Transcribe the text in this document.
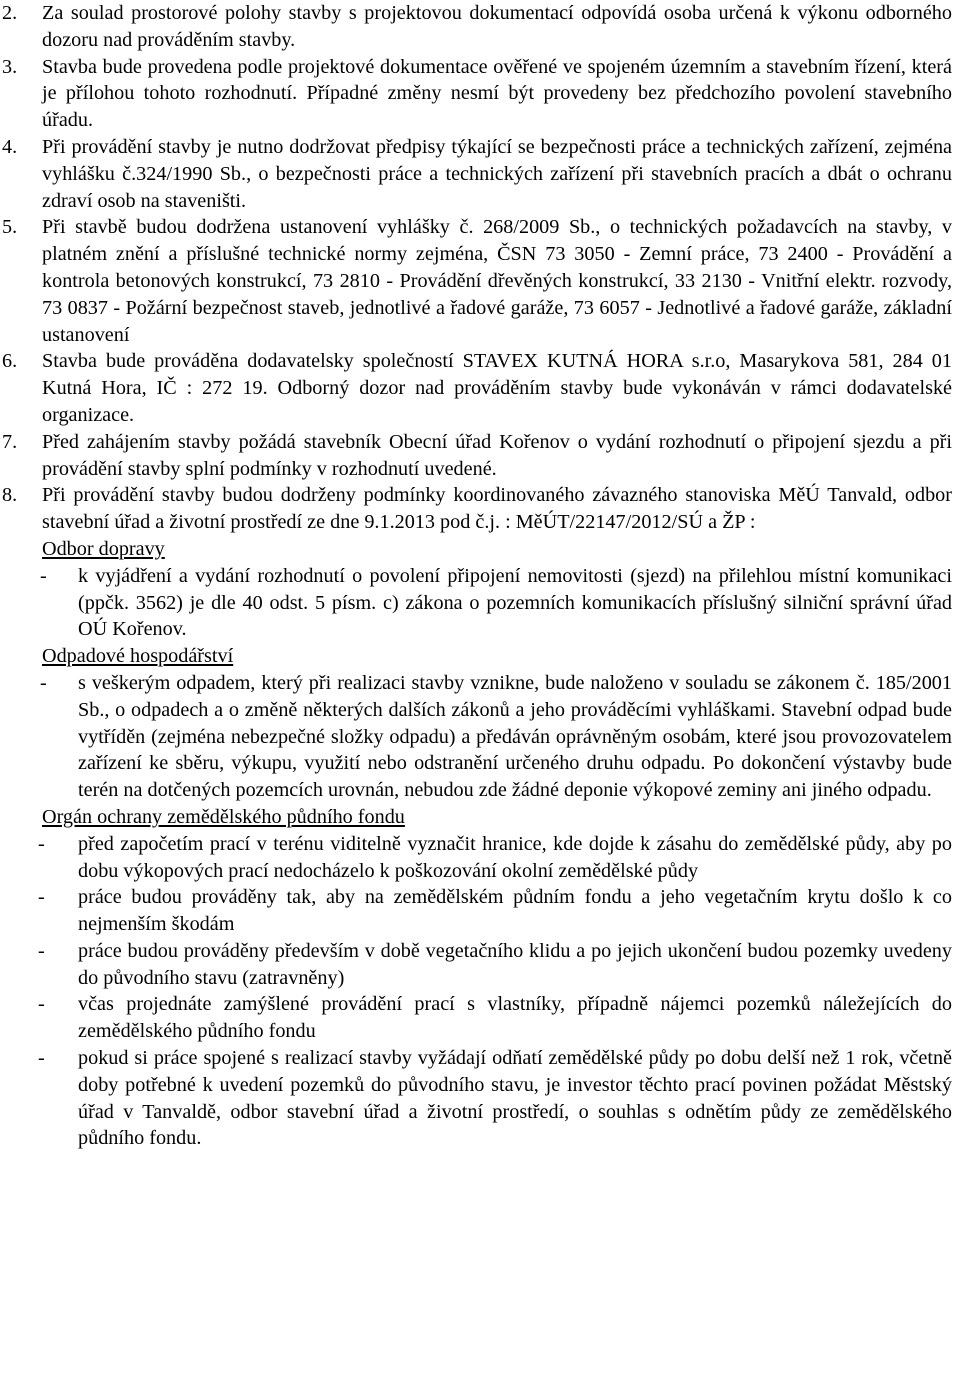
2. Za soulad prostorové polohy stavby s projektovou dokumentací odpovídá osoba určená k výkonu odborného dozoru nad prováděním stavby.
3. Stavba bude provedena podle projektové dokumentace ověřené ve spojeném územním a stavebním řízení, která je přílohou tohoto rozhodnutí. Případné změny nesmí být provedeny bez předchozího povolení stavebního úřadu.
4. Při provádění stavby je nutno dodržovat předpisy týkající se bezpečnosti práce a technických zařízení, zejména vyhlášku č.324/1990 Sb., o bezpečnosti práce a technických zařízení při stavebních pracích a dbát o ochranu zdraví osob na staveništi.
5. Při stavbě budou dodržena ustanovení vyhlášky č. 268/2009 Sb., o technických požadavcích na stavby, v platném znění a příslušné technické normy zejména, ČSN 73 3050 - Zemní práce, 73 2400 - Provádění a kontrola betonových konstrukcí, 73 2810 - Provádění dřevěných konstrukcí, 33 2130 - Vnitřní elektr. rozvody, 73 0837 - Požární bezpečnost staveb, jednotlivé a řadové garáže, 73 6057 - Jednotlivé a řadové garáže, základní ustanovení
6. Stavba bude prováděna dodavatelsky společností STAVEX KUTNÁ HORA s.r.o, Masarykova 581, 284 01 Kutná Hora, IČ : 272 19. Odborný dozor nad prováděním stavby bude vykonáván v rámci dodavatelské organizace.
7. Před zahájením stavby požádá stavebník Obecní úřad Kořenov o vydání rozhodnutí o připojení sjezdu a při provádění stavby splní podmínky v rozhodnutí uvedené.
8. Při provádění stavby budou dodrženy podmínky koordinovaného závazného stanoviska MěÚ Tanvald, odbor stavební úřad a životní prostředí ze dne 9.1.2013 pod č.j. : MěÚT/22147/2012/SÚ a ŽP :
Odbor dopravy
- k vyjádření a vydání rozhodnutí o povolení připojení nemovitosti (sjezd) na přilehlou místní komunikaci (ppčk. 3562) je dle 40 odst. 5 písm. c) zákona o pozemních komunikacích příslušný silniční správní úřad OÚ Kořenov.
Odpadové hospodářství
- s veškerým odpadem, který při realizaci stavby vznikne, bude naloženo v souladu se zákonem č. 185/2001 Sb., o odpadech a o změně některých dalších zákonů a jeho prováděcími vyhláškami. Stavební odpad bude vytříděn (zejména nebezpečné složky odpadu) a předáván oprávněným osobám, které jsou provozovatelem zařízení ke sběru, výkupu, využití nebo odstranění určeného druhu odpadu. Po dokončení výstavby bude terén na dotčených pozemcích urovnán, nebudou zde žádné deponie výkopové zeminy ani jiného odpadu.
Orgán ochrany zemědělského půdního fondu
- před započetím prací v terénu viditelně vyznačit hranice, kde dojde k zásahu do zemědělské půdy, aby po dobu výkopových prací nedocházelo k poškozování okolní zemědělské půdy
- práce budou prováděny tak, aby na zemědělském půdním fondu a jeho vegetačním krytu došlo k co nejmenším škodám
- práce budou prováděny především v době vegetačního klidu a po jejich ukončení budou pozemky uvedeny do původního stavu (zatravněny)
- včas projednáte zamýšlené provádění prací s vlastníky, případně nájemci pozemků náležejících do zemědělského půdního fondu
- pokud si práce spojené s realizací stavby vyžádají odňatí zemědělské půdy po dobu delší než 1 rok, včetně doby potřebné k uvedení pozemků do původního stavu, je investor těchto prací povinen požádat Městský úřad v Tanvaldě, odbor stavební úřad a životní prostředí, o souhlas s odnětím půdy ze zemědělského půdního fondu.
